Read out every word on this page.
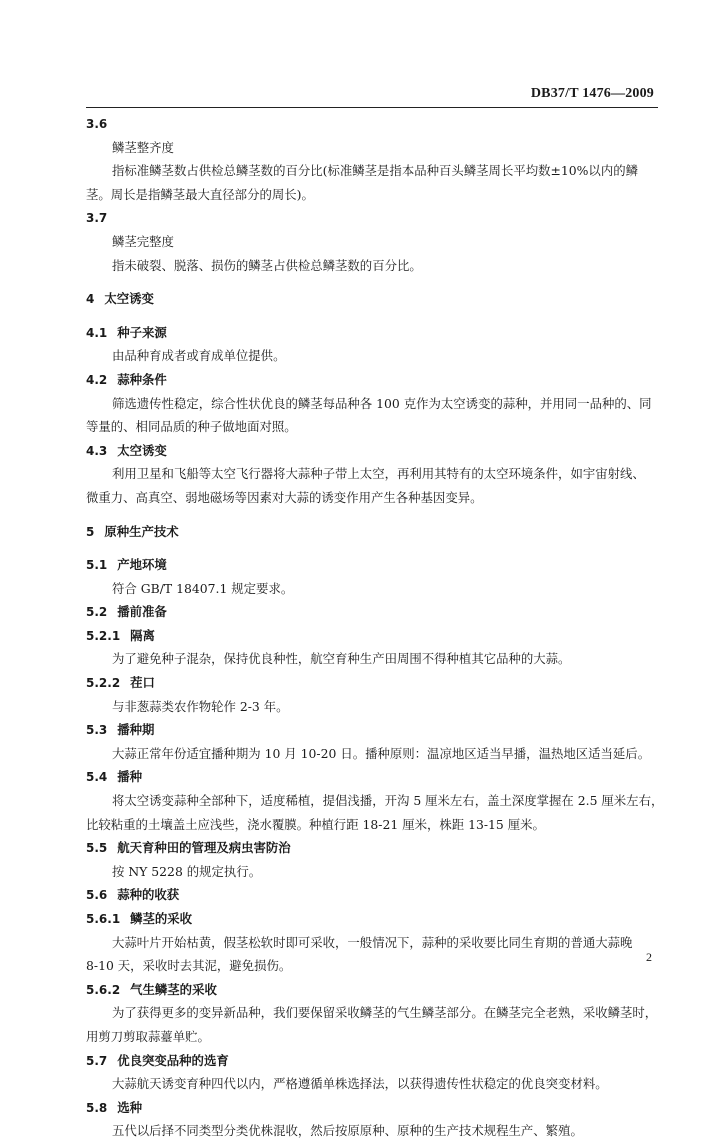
DB37/T 1476—2009
3.6
鳞茎整齐度
指标准鳞茎数占供检总鳞茎数的百分比(标准鳞茎是指本品种百头鳞茎周长平均数±10%以内的鳞
茎。周长是指鳞茎最大直径部分的周长)。
3.7
鳞茎完整度
指未破裂、脱落、损伤的鳞茎占供检总鳞茎数的百分比。
4 太空诱变
4.1 种子来源
由品种育成者或育成单位提供。
4.2 蒜种条件
筛选遗传性稳定，综合性状优良的鳞茎每品种各 100 克作为太空诱变的蒜种，并用同一品种的、同
等量的、相同品质的种子做地面对照。
4.3 太空诱变
利用卫星和飞船等太空飞行器将大蒜种子带上太空，再利用其特有的太空环境条件，如宇宙射线、
微重力、高真空、弱地磁场等因素对大蒜的诱变作用产生各种基因变异。
5 原种生产技术
5.1 产地环境
符合 GB/T 18407.1 规定要求。
5.2 播前准备
5.2.1 隔离
为了避免种子混杂，保持优良种性，航空育种生产田周围不得种植其它品种的大蒜。
5.2.2 茬口
与非葱蒜类农作物轮作 2-3 年。
5.3 播种期
大蒜正常年份适宜播种期为 10 月 10-20 日。播种原则：温凉地区适当早播，温热地区适当延后。
5.4 播种
将太空诱变蒜种全部种下，适度稀植，提倡浅播，开沟 5 厘米左右，盖土深度掌握在 2.5 厘米左右，
比较粘重的土壤盖土应浅些，浇水覆膜。种植行距 18-21 厘米，株距 13-15 厘米。
5.5 航天育种田的管理及病虫害防治
按 NY 5228 的规定执行。
5.6 蒜种的收获
5.6.1 鳞茎的采收
大蒜叶片开始枯黄，假茎松软时即可采收，一般情况下，蒜种的采收要比同生育期的普通大蒜晚
8-10 天，采收时去其泥，避免损伤。
5.6.2 气生鳞茎的采收
为了获得更多的变异新品种，我们要保留采收鳞茎的气生鳞茎部分。在鳞茎完全老熟，采收鳞茎时，
用剪刀剪取蒜薹单贮。
5.7 优良突变品种的选育
大蒜航天诱变育种四代以内，严格遵循单株选择法，以获得遗传性状稳定的优良突变材料。
5.8 选种
五代以后择不同类型分类优株混收，然后按原原种、原种的生产技术规程生产、繁殖。
2
